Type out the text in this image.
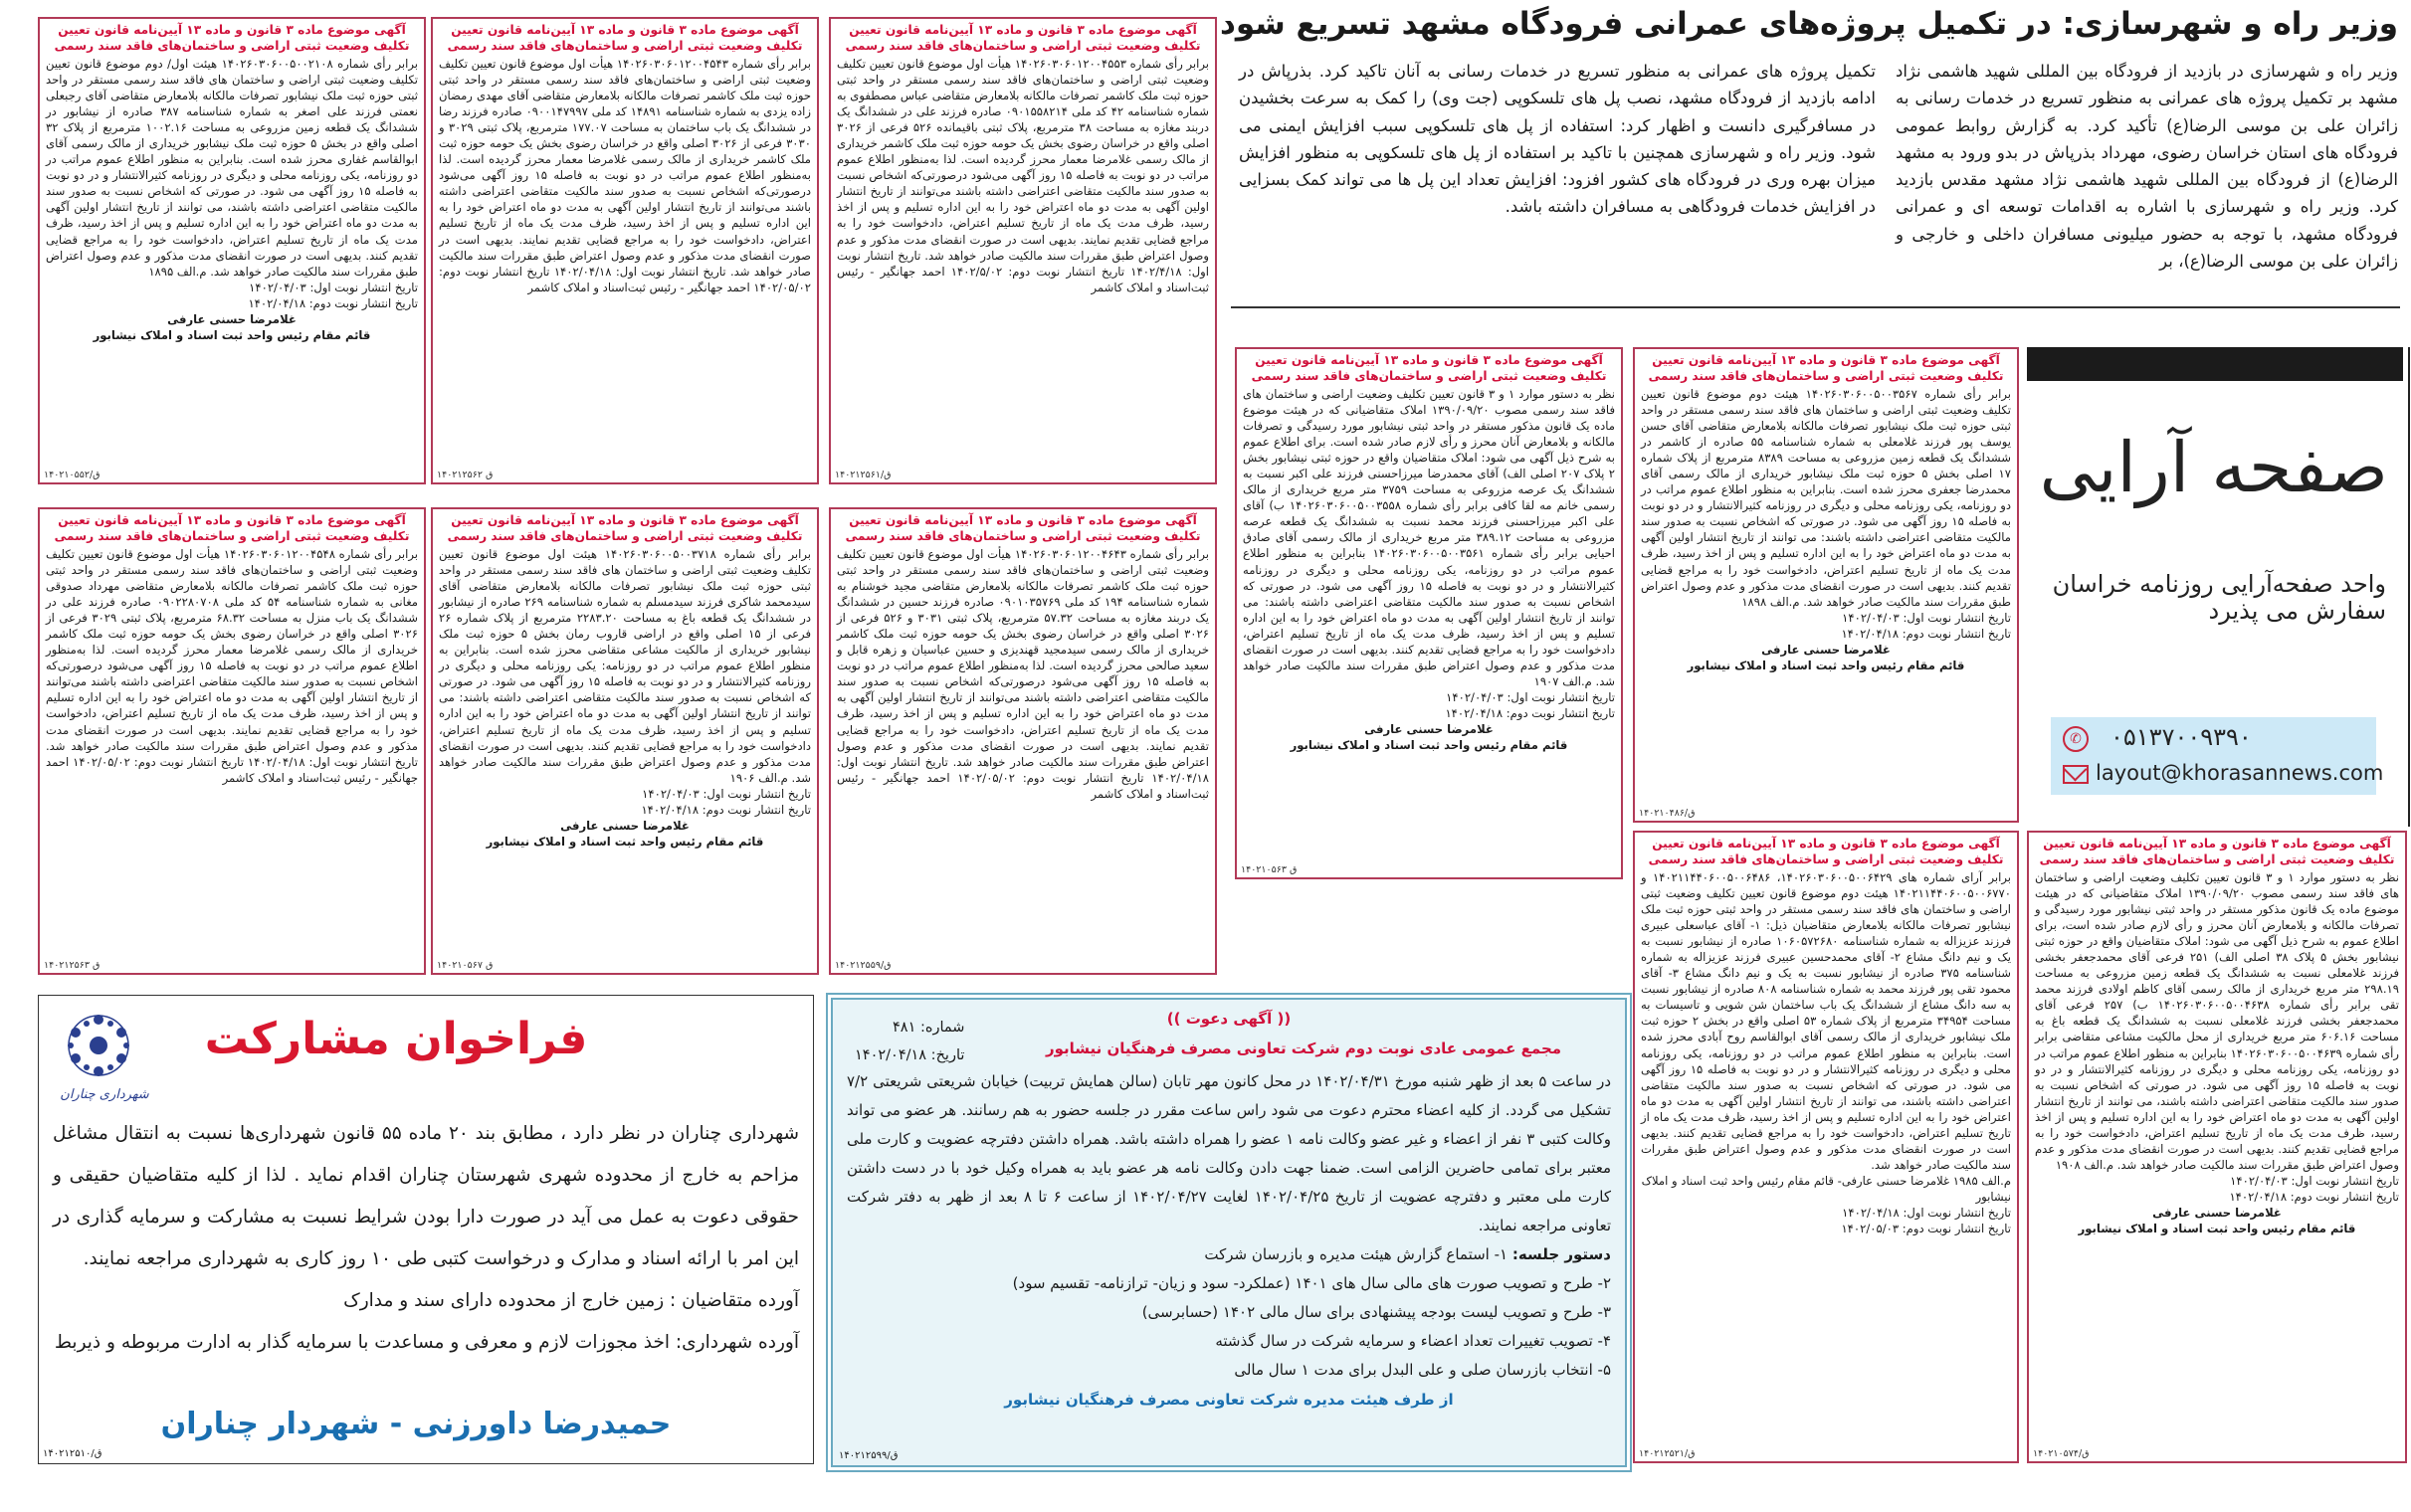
وزیر راه و شهرسازی: در تکمیل پروژه‌های عمرانی فرودگاه مشهد تسریع شود
وزیر راه و شهرسازی در بازدید از فرودگاه بین المللی شهید هاشمی نژاد مشهد بر تکمیل پروژه های عمرانی به منظور تسریع در خدمات رسانی به زائران علی بن موسی الرضا(ع) تأکید کرد. به گزارش روابط عمومی فرودگاه های استان خراسان رضوی، مهرداد بذرپاش در بدو ورود به مشهد الرضا(ع) از فرودگاه بین المللی شهید هاشمی نژاد مشهد مقدس بازدید کرد. وزیر راه و شهرسازی با اشاره به اقدامات توسعه ای و عمرانی فرودگاه مشهد، با توجه به حضور میلیونی مسافران داخلی و خارجی و زائران علی بن موسی الرضا(ع)، بر
تکمیل پروژه های عمرانی به منظور تسریع در خدمات رسانی به آنان تاکید کرد. بذرپاش در ادامه بازدید از فرودگاه مشهد، نصب پل های تلسکوپی (جت وی) را کمک به سرعت بخشیدن در مسافرگیری دانست و اظهار کرد: استفاده از پل های تلسکوپی سبب افزایش ایمنی می شود. وزیر راه و شهرسازی همچنین با تاکید بر استفاده از پل های تلسکوپی به منظور افزایش میزان بهره وری در فرودگاه های کشور افزود: افزایش تعداد این پل ها می تواند کمک بسزایی در افزایش خدمات فرودگاهی به مسافران داشته باشد.
صفحه آرایی
واحد صفحه‌آرایی روزنامه خراسان سفارش می پذیرد
✆ ۰۵۱۳۷۰۰۹۳۹۰
layout@khorasannews.com
آگهی موضوع ماده ۳ قانون و ماده ۱۳ آیین‌نامه قانون تعیین تکلیف وضعیت ثبتی اراضی و ساختمان‌های فاقد سند رسمی
برابر رأی شماره ۱۴۰۲۶۰۳۰۶۰۰۵۰۰۳۵۶۷ هیئت دوم موضوع قانون تعیین تکلیف وضعیت ثبتی اراضی و ساختمان های فاقد سند رسمی مستقر در واحد ثبتی حوزه ثبت ملک نیشابور تصرفات مالکانه بلامعارض متقاضی آقای حسن یوسف پور فرزند غلامعلی به شماره شناسنامه ۵۵ صادره از کاشمر در ششدانگ یک قطعه زمین مزروعی به مساحت ۸۳۸۹ مترمربع از پلاک شماره ۱۷ اصلی بخش ۵ حوزه ثبت ملک نیشابور خریداری از مالک رسمی آقای محمدرضا جعفری محرز شده است. بنابراین به منظور اطلاع عموم مراتب در دو روزنامه، یکی روزنامه محلی و دیگری در روزنامه کثیرالانتشار و در دو نوبت به فاصله ۱۵ روز آگهی می شود. در صورتی که اشخاص نسبت به صدور سند مالکیت متقاضی اعتراضی داشته باشند: می توانند از تاریخ انتشار اولین آگهی به مدت دو ماه اعتراض خود را به این اداره تسلیم و پس از اخذ رسید، ظرف مدت یک ماه از تاریخ تسلیم اعتراض، دادخواست خود را به مراجع قضایی تقدیم کنند. بدیهی است در صورت انقضای مدت مذکور و عدم وصول اعتراض طبق مقررات سند مالکیت صادر خواهد شد. م.الف ۱۸۹۸
تاریخ انتشار نوبت اول: ۱۴۰۲/۰۴/۰۳
تاریخ انتشار نوبت دوم: ۱۴۰۲/۰۴/۱۸
غلامرضا حسنی عارفی
قائم مقام رئیس واحد ثبت اسناد و املاک نیشابور
۱۴۰۲۱۰۴۸۶/ق
آگهی موضوع ماده ۳ قانون و ماده ۱۳ آیین‌نامه قانون تعیین تکلیف وضعیت ثبتی اراضی و ساختمان‌های فاقد سند رسمی
نظر به دستور موارد ۱ و ۳ قانون تعیین تکلیف وضعیت اراضی و ساختمان های فاقد سند رسمی مصوب ۱۳۹۰/۰۹/۲۰ املاک متقاضیانی که در هیئت موضوع ماده یک قانون مذکور مستقر در واحد ثبتی نیشابور مورد رسیدگی و تصرفات مالکانه و بلامعارض آنان محرز و رأی لازم صادر شده است. برای اطلاع عموم به شرح ذیل آگهی می شود: املاک متقاضیان واقع در حوزه ثبتی نیشابور بخش ۲ پلاک ۲۰۷ اصلی الف) آقای محمدرضا میرزاحسنی فرزند علی اکبر نسبت به ششدانگ یک عرصه مزروعی به مساحت ۳۷۵۹ متر مربع خریداری از مالک رسمی خانم مه لقا کافی برابر رأی شماره ۱۴۰۲۶۰۳۰۶۰۰۵۰۰۳۵۵۸ ب) آقای علی اکبر میرزاحسنی فرزند محمد نسبت به ششدانگ یک قطعه عرصه مزروعی به مساحت ۳۸۹.۱۲ متر مربع خریداری از مالک رسمی آقای صادق احیایی برابر رأی شماره ۱۴۰۲۶۰۳۰۶۰۰۵۰۰۳۵۶۱ بنابراین به منظور اطلاع عموم مراتب در دو روزنامه، یکی روزنامه محلی و دیگری در روزنامه کثیرالانتشار و در دو نوبت به فاصله ۱۵ روز آگهی می شود. در صورتی که اشخاص نسبت به صدور سند مالکیت متقاضی اعتراضی داشته باشند: می توانند از تاریخ انتشار اولین آگهی به مدت دو ماه اعتراض خود را به این اداره تسلیم و پس از اخذ رسید، ظرف مدت یک ماه از تاریخ تسلیم اعتراض، دادخواست خود را به مراجع قضایی تقدیم کنند. بدیهی است در صورت انقضای مدت مذکور و عدم وصول اعتراض طبق مقررات سند مالکیت صادر خواهد شد. م.الف ۱۹۰۷
تاریخ انتشار نوبت اول: ۱۴۰۲/۰۴/۰۳
تاریخ انتشار نوبت دوم: ۱۴۰۲/۰۴/۱۸
غلامرضا حسنی عارفی
قائم مقام رئیس واحد ثبت اسناد و املاک نیشابور
۱۴۰۲۱۰۵۶۳ ق
آگهی موضوع ماده ۳ قانون و ماده ۱۳ آیین‌نامه قانون تعیین تکلیف وضعیت ثبتی اراضی و ساختمان‌های فاقد سند رسمی
برابر رأی شماره ۱۴۰۲۶۰۳۰۶۰۱۲۰۰۴۵۵۳ هیأت اول موضوع قانون تعیین تکلیف وضعیت ثبتی اراضی و ساختمان‌های فاقد سند رسمی مستقر در واحد ثبتی حوزه ثبت ملک کاشمر تصرفات مالکانه بلامعارض متقاضی عباس مصطفوی به شماره شناسنامه ۴۲ کد ملی ۰۹۰۱۵۵۸۲۱۴ صادره فرزند علی در ششدانگ یک دربند مغازه به مساحت ۳۸ مترمربع، پلاک ثبتی باقیمانده ۵۲۶ فرعی از ۳۰۲۶ اصلی واقع در خراسان رضوی بخش یک حومه حوزه ثبت ملک کاشمر خریداری از مالک رسمی غلامرضا معمار محرز گردیده است. لذا به‌منظور اطلاع عموم مراتب در دو نوبت به فاصله ۱۵ روز آگهی می‌شود درصورتی‌که اشخاص نسبت به صدور سند مالکیت متقاضی اعتراضی داشته باشند می‌توانند از تاریخ انتشار اولین آگهی به مدت دو ماه اعتراض خود را به این اداره تسلیم و پس از اخذ رسید، ظرف مدت یک ماه از تاریخ تسلیم اعتراض، دادخواست خود را به مراجع قضایی تقدیم نمایند. بدیهی است در صورت انقضای مدت مذکور و عدم وصول اعتراض طبق مقررات سند مالکیت صادر خواهد شد. تاریخ انتشار نوبت اول: ۱۴۰۲/۴/۱۸ تاریخ انتشار نوبت دوم: ۱۴۰۲/۵/۰۲ احمد جهانگیر - رئیس ثبت‌اسناد و املاک کاشمر
ق/۱۴۰۲۱۲۵۶۱
آگهی موضوع ماده ۳ قانون و ماده ۱۳ آیین‌نامه قانون تعیین تکلیف وضعیت ثبتی اراضی و ساختمان‌های فاقد سند رسمی
برابر رأی شماره ۱۴۰۲۶۰۳۰۶۰۱۲۰۰۴۵۴۳ هیأت اول موضوع قانون تعیین تکلیف وضعیت ثبتی اراضی و ساختمان‌های فاقد سند رسمی مستقر در واحد ثبتی حوزه ثبت ملک کاشمر تصرفات مالکانه بلامعارض متقاضی آقای مهدی رمضان زاده یزدی به شماره شناسنامه ۱۴۸۹۱ کد ملی ۰۹۰۰۱۴۷۹۹۷ صادره فرزند رضا در ششدانگ یک باب ساختمان به مساحت ۱۷۷.۰۷ مترمربع، پلاک ثبتی ۳۰۲۹ و ۳۰۳۰ فرعی از ۳۰۲۶ اصلی واقع در خراسان رضوی بخش یک حومه حوزه ثبت ملک کاشمر خریداری از مالک رسمی غلامرضا معمار محرز گردیده است. لذا به‌منظور اطلاع عموم مراتب در دو نوبت به فاصله ۱۵ روز آگهی می‌شود درصورتی‌که اشخاص نسبت به صدور سند مالکیت متقاضی اعتراضی داشته باشند می‌توانند از تاریخ انتشار اولین آگهی به مدت دو ماه اعتراض خود را به این اداره تسلیم و پس از اخذ رسید، ظرف مدت یک ماه از تاریخ تسلیم اعتراض، دادخواست خود را به مراجع قضایی تقدیم نمایند. بدیهی است در صورت انقضای مدت مذکور و عدم وصول اعتراض طبق مقررات سند مالکیت صادر خواهد شد. تاریخ انتشار نوبت اول: ۱۴۰۲/۰۴/۱۸ تاریخ انتشار نوبت دوم: ۱۴۰۲/۰۵/۰۲ احمد جهانگیر - رئیس ثبت‌اسناد و املاک کاشمر
ق ۱۴۰۲۱۲۵۶۲
آگهی موضوع ماده ۳ قانون و ماده ۱۳ آیین‌نامه قانون تعیین تکلیف وضعیت ثبتی اراضی و ساختمان‌های فاقد سند رسمی
برابر رأی شماره ۱۴۰۲۶۰۳۰۶۰۰۵۰۰۲۱۰۸ هیئت اول/ دوم موضوع قانون تعیین تکلیف وضعیت ثبتی اراضی و ساختمان های فاقد سند رسمی مستقر در واحد ثبتی حوزه ثبت ملک نیشابور تصرفات مالکانه بلامعارض متقاضی آقای رجبعلی نعمتی فرزند علی اصغر به شماره شناسنامه ۳۸۷ صادره از نیشابور در ششدانگ یک قطعه زمین مزروعی به مساحت ۱۰۰۲.۱۶ مترمربع از پلاک ۳۲ اصلی واقع در بخش ۵ حوزه ثبت ملک نیشابور خریداری از مالک رسمی آقای ابوالقاسم غفاری محرز شده است. بنابراین به منظور اطلاع عموم مراتب در دو روزنامه، یکی روزنامه محلی و دیگری در روزنامه کثیرالانتشار و در دو نوبت به فاصله ۱۵ روز آگهی می شود. در صورتی که اشخاص نسبت به صدور سند مالکیت متقاضی اعتراضی داشته باشند، می توانند از تاریخ انتشار اولین آگهی به مدت دو ماه اعتراض خود را به این اداره تسلیم و پس از اخذ رسید، ظرف مدت یک ماه از تاریخ تسلیم اعتراض، دادخواست خود را به مراجع قضایی تقدیم کنند. بدیهی است در صورت انقضای مدت مذکور و عدم وصول اعتراض طبق مقررات سند مالکیت صادر خواهد شد. م.الف ۱۸۹۵
تاریخ انتشار نوبت اول: ۱۴۰۲/۰۴/۰۳
تاریخ انتشار نوبت دوم: ۱۴۰۲/۰۴/۱۸
غلامرضا حسنی عارفی
قائم مقام رئیس واحد ثبت اسناد و املاک نیشابور
ق/۱۴۰۲۱۰۵۵۲
آگهی موضوع ماده ۳ قانون و ماده ۱۳ آیین‌نامه قانون تعیین تکلیف وضعیت ثبتی اراضی و ساختمان‌های فاقد سند رسمی
برابر رأی شماره ۱۴۰۲۶۰۳۰۶۰۱۲۰۰۴۵۴۸ هیأت اول موضوع قانون تعیین تکلیف وضعیت ثبتی اراضی و ساختمان‌های فاقد سند رسمی مستقر در واحد ثبتی حوزه ثبت ملک کاشمر تصرفات مالکانه بلامعارض متقاضی مهرداد صدوقی مغانی به شماره شناسنامه ۵۴ کد ملی ۰۹۰۲۲۸۰۷۰۸ صادره فرزند علی در ششدانگ یک باب منزل به مساحت ۶۸.۳۲ مترمربع، پلاک ثبتی ۳۰۲۹ فرعی از ۳۰۲۶ اصلی واقع در خراسان رضوی بخش یک حومه حوزه ثبت ملک کاشمر خریداری از مالک رسمی غلامرضا معمار محرز گردیده است. لذا به‌منظور اطلاع عموم مراتب در دو نوبت به فاصله ۱۵ روز آگهی می‌شود درصورتی‌که اشخاص نسبت به صدور سند مالکیت متقاضی اعتراضی داشته باشند می‌توانند از تاریخ انتشار اولین آگهی به مدت دو ماه اعتراض خود را به این اداره تسلیم و پس از اخذ رسید، ظرف مدت یک ماه از تاریخ تسلیم اعتراض، دادخواست خود را به مراجع قضایی تقدیم نمایند. بدیهی است در صورت انقضای مدت مذکور و عدم وصول اعتراض طبق مقررات سند مالکیت صادر خواهد شد. تاریخ انتشار نوبت اول: ۱۴۰۲/۰۴/۱۸ تاریخ انتشار نوبت دوم: ۱۴۰۲/۰۵/۰۲ احمد جهانگیر - رئیس ثبت‌اسناد و املاک کاشمر
ق ۱۴۰۲۱۲۵۶۳
آگهی موضوع ماده ۳ قانون و ماده ۱۳ آیین‌نامه قانون تعیین تکلیف وضعیت ثبتی اراضی و ساختمان‌های فاقد سند رسمی
برابر رأی شماره ۱۴۰۲۶۰۳۰۶۰۰۵۰۰۳۷۱۸ هیئت اول موضوع قانون تعیین تکلیف وضعیت ثبتی اراضی و ساختمان های فاقد سند رسمی مستقر در واحد ثبتی حوزه ثبت ملک نیشابور تصرفات مالکانه بلامعارض متقاضی آقای سیدمحمد شاکری فرزند سیدمسلم به شماره شناسنامه ۲۶۹ صادره از نیشابور در ششدانگ یک قطعه باغ به مساحت ۲۲۸۳.۲۰ مترمربع از پلاک شماره ۲۶ فرعی از ۱۵ اصلی واقع در اراضی قاروب رمان بخش ۵ حوزه ثبت ملک نیشابور خریداری از مالکیت مشاعی متقاضی محرز شده است. بنابراین به منظور اطلاع عموم مراتب در دو روزنامه: یکی روزنامه محلی و دیگری در روزنامه کثیرالانتشار و در دو نوبت به فاصله ۱۵ روز آگهی می شود. در صورتی که اشخاص نسبت به صدور سند مالکیت متقاضی اعتراضی داشته باشند: می توانند از تاریخ انتشار اولین آگهی به مدت دو ماه اعتراض خود را به این اداره تسلیم و پس از اخذ رسید، ظرف مدت یک ماه از تاریخ تسلیم اعتراض، دادخواست خود را به مراجع قضایی تقدیم کنند. بدیهی است در صورت انقضای مدت مذکور و عدم وصول اعتراض طبق مقررات سند مالکیت صادر خواهد شد. م.الف ۱۹۰۶
تاریخ انتشار نوبت اول: ۱۴۰۲/۰۴/۰۳
تاریخ انتشار نوبت دوم: ۱۴۰۲/۰۴/۱۸
غلامرضا حسنی عارفی
قائم مقام رئیس واحد ثبت اسناد و املاک نیشابور
ق ۱۴۰۲۱۰۵۶۷
آگهی موضوع ماده ۳ قانون و ماده ۱۳ آیین‌نامه قانون تعیین تکلیف وضعیت ثبتی اراضی و ساختمان‌های فاقد سند رسمی
برابر رأی شماره ۱۴۰۲۶۰۳۰۶۰۱۲۰۰۴۶۴۳ هیأت اول موضوع قانون تعیین تکلیف وضعیت ثبتی اراضی و ساختمان‌های فاقد سند رسمی مستقر در واحد ثبتی حوزه ثبت ملک کاشمر تصرفات مالکانه بلامعارض متقاضی مجید خوشنام به شماره شناسنامه ۱۹۴ کد ملی ۰۹۰۱۰۳۵۷۶۹ صادره فرزند حسین در ششدانگ یک دربند مغازه به مساحت ۵۷.۳۲ مترمربع، پلاک ثبتی ۳۰۳۱ و ۵۲۶ فرعی از ۳۰۲۶ اصلی واقع در خراسان رضوی بخش یک حومه حوزه ثبت ملک کاشمر خریداری از مالک رسمی سیدمجید قهندیزی و حسین عباسیان و زهره قابل و سعید صالحی محرز گردیده است. لذا به‌منظور اطلاع عموم مراتب در دو نوبت به فاصله ۱۵ روز آگهی می‌شود درصورتی‌که اشخاص نسبت به صدور سند مالکیت متقاضی اعتراضی داشته باشند می‌توانند از تاریخ انتشار اولین آگهی به مدت دو ماه اعتراض خود را به این اداره تسلیم و پس از اخذ رسید، ظرف مدت یک ماه از تاریخ تسلیم اعتراض، دادخواست خود را به مراجع قضایی تقدیم نمایند. بدیهی است در صورت انقضای مدت مذکور و عدم وصول اعتراض طبق مقررات سند مالکیت صادر خواهد شد. تاریخ انتشار نوبت اول: ۱۴۰۲/۰۴/۱۸ تاریخ انتشار نوبت دوم: ۱۴۰۲/۰۵/۰۲ احمد جهانگیر - رئیس ثبت‌اسناد و املاک کاشمر
ق/۱۴۰۲۱۲۵۵۹
آگهی موضوع ماده ۳ قانون و ماده ۱۳ آیین‌نامه قانون تعیین تکلیف وضعیت ثبتی اراضی و ساختمان‌های فاقد سند رسمی
برابر آرای شماره های ۱۴۰۲۶۰۳۰۶۰۰۵۰۰۶۴۲۹، ۱۴۰۲۱۱۴۴۰۶۰۰۵۰۰۶۴۸۶ و ۱۴۰۲۱۱۴۴۰۶۰۰۵۰۰۶۷۷۰ هیئت دوم موضوع قانون تعیین تکلیف وضعیت ثبتی اراضی و ساختمان های فاقد سند رسمی مستقر در واحد ثبتی حوزه ثبت ملک نیشابور تصرفات مالکانه بلامعارض متقاضیان ذیل: ۱- آقای عباسعلی عبیری فرزند عزیزاله به شماره شناسنامه ۱۰۶۰۵۷۲۶۸۰ صادره از نیشابور نسبت به یک و نیم دانگ مشاع ۲- آقای محمدحسین عبیری فرزند عزیزاله به شماره شناسنامه ۳۷۵ صادره از نیشابور نسبت به یک و نیم دانگ مشاع ۳- آقای محمود تقی پور فرزند محمد به شماره شناسنامه ۸۰۸ صادره از نیشابور نسبت به سه دانگ مشاع از ششدانگ یک باب ساختمان شن شویی و تاسیسات به مساحت ۳۴۹۵۴ مترمربع از پلاک شماره ۵۳ اصلی واقع در بخش ۲ حوزه ثبت ملک نیشابور خریداری از مالک رسمی آقای ابوالقاسم روح آبادی محرز شده است. بنابراین به منظور اطلاع عموم مراتب در دو روزنامه، یکی روزنامه محلی و دیگری در روزنامه کثیرالانتشار و در دو نوبت به فاصله ۱۵ روز آگهی می شود. در صورتی که اشخاص نسبت به صدور سند مالکیت متقاضی اعتراضی داشته باشند، می توانند از تاریخ انتشار اولین آگهی به مدت دو ماه اعتراض خود را به این اداره تسلیم و پس از اخذ رسید، ظرف مدت یک ماه از تاریخ تسلیم اعتراض، دادخواست خود را به مراجع قضایی تقدیم کنند. بدیهی است در صورت انقضای مدت مذکور و عدم وصول اعتراض طبق مقررات سند مالکیت صادر خواهد شد.
م.الف ۱۹۸۵ غلامرضا حسنی عارفی- قائم مقام رئیس واحد ثبت اسناد و املاک نیشابور
تاریخ انتشار نوبت اول: ۱۴۰۲/۰۴/۱۸
تاریخ انتشار نوبت دوم: ۱۴۰۲/۰۵/۰۳
ق/۱۴۰۲۱۲۵۲۱
آگهی موضوع ماده ۳ قانون و ماده ۱۳ آیین‌نامه قانون تعیین تکلیف وضعیت ثبتی اراضی و ساختمان‌های فاقد سند رسمی
نظر به دستور موارد ۱ و ۳ قانون تعیین تکلیف وضعیت اراضی و ساختمان های فاقد سند رسمی مصوب ۱۳۹۰/۰۹/۲۰ املاک متقاضیانی که در هیئت موضوع ماده یک قانون مذکور مستقر در واحد ثبتی نیشابور مورد رسیدگی و تصرفات مالکانه و بلامعارض آنان محرز و رأی لازم صادر شده است، برای اطلاع عموم به شرح ذیل آگهی می شود: املاک متقاضیان واقع در حوزه ثبتی نیشابور بخش ۵ پلاک ۳۸ اصلی الف) ۲۵۱ فرعی آقای محمدجعفر بخشی فرزند غلامعلی نسبت به ششدانگ یک قطعه زمین مزروعی به مساحت ۲۹۸.۱۹ متر مربع خریداری از مالک رسمی آقای کاظم اولادی فرزند محمد تقی برابر رأی شماره ۱۴۰۲۶۰۳۰۶۰۰۵۰۰۴۶۳۸ ب) ۲۵۷ فرعی آقای محمدجعفر بخشی فرزند غلامعلی نسبت به ششدانگ یک قطعه باغ به مساحت ۶۰۶.۱۶ متر مربع خریداری از محل مالکیت مشاعی متقاضی برابر رأی شماره ۱۴۰۲۶۰۳۰۶۰۰۵۰۰۴۶۳۹ بنابراین به منظور اطلاع عموم مراتب در دو روزنامه، یکی روزنامه محلی و دیگری در روزنامه کثیرالانتشار و در دو نوبت به فاصله ۱۵ روز آگهی می شود. در صورتی که اشخاص نسبت به صدور سند مالکیت متقاضی اعتراضی داشته باشند، می توانند از تاریخ انتشار اولین آگهی به مدت دو ماه اعتراض خود را به این اداره تسلیم و پس از اخذ رسید، ظرف مدت یک ماه از تاریخ تسلیم اعتراض، دادخواست خود را به مراجع قضایی تقدیم کنند. بدیهی است در صورت انقضای مدت مذکور و عدم وصول اعتراض طبق مقررات سند مالکیت صادر خواهد شد. م.الف ۱۹۰۸
تاریخ انتشار نوبت اول: ۱۴۰۲/۰۴/۰۳
تاریخ انتشار نوبت دوم: ۱۴۰۲/۰۴/۱۸
غلامرضا حسنی عارفی
قائم مقام رئیس واحد ثبت اسناد و املاک نیشابور
ق/۱۴۰۲۱۰۵۷۴
شماره: ۴۸۱
تاریخ: ۱۴۰۲/۰۴/۱۸
(( آگهی دعوت ))
مجمع عمومی عادی نوبت دوم شرکت تعاونی مصرف فرهنگیان نیشابور
در ساعت ۵ بعد از ظهر شنبه مورخ ۱۴۰۲/۰۴/۳۱ در محل کانون مهر تابان (سالن همایش تربیت) خیابان شریعتی شریعتی ۷/۲ تشکیل می گردد. از کلیه اعضاء محترم دعوت می شود راس ساعت مقرر در جلسه حضور به هم رسانند. هر عضو می تواند وکالت کتبی ۳ نفر از اعضاء و غیر عضو وکالت نامه ۱ عضو را همراه داشته باشد. همراه داشتن دفترچه عضویت و کارت ملی معتبر برای تمامی حاضرین الزامی است. ضمنا جهت دادن وکالت نامه هر عضو باید به همراه وکیل خود با در دست داشتن کارت ملی معتبر و دفترچه عضویت از تاریخ ۱۴۰۲/۰۴/۲۵ لغایت ۱۴۰۲/۰۴/۲۷ از ساعت ۶ تا ۸ بعد از ظهر به دفتر شرکت تعاونی مراجعه نمایند.
دستور جلسه: ۱- استماع گزارش هیئت مدیره و بازرسان شرکت
۲- طرح و تصویب صورت های مالی سال های ۱۴۰۱ (عملکرد- سود و زیان- ترازنامه- تقسیم سود)
۳- طرح و تصویب لیست بودجه پیشنهادی برای سال مالی ۱۴۰۲ (حسابرسی)
۴- تصویب تغییرات تعداد اعضاء و سرمایه شرکت در سال گذشته
۵- انتخاب بازرسان صلی و علی البدل برای مدت ۱ سال مالی
از طرف هیئت مدیره شرکت تعاونی مصرف فرهنگیان نیشابور
ق/۱۴۰۲۱۲۵۹۹
شهرداری چناران
فراخوان مشارکت
شهرداری چناران در نظر دارد ، مطابق بند ۲۰ ماده ۵۵ قانون شهرداری‌ها نسبت به انتقال مشاغل مزاحم به خارج از محدوده شهری شهرستان چناران اقدام نماید . لذا از کلیه متقاضیان حقیقی و حقوقی دعوت به عمل می آید در صورت دارا بودن شرایط نسبت به مشارکت و سرمایه گذاری در این امر با ارائه اسناد و مدارک و درخواست کتبی طی ۱۰ روز کاری به شهرداری مراجعه نمایند.
آورده متقاضیان : زمین خارج از محدوده دارای سند و مدارک
آورده شهرداری: اخذ مجوزات لازم و معرفی و مساعدت با سرمایه گذار به ادارت مربوطه و ذیربط
حمیدرضا داورزنی - شهردار چناران
ق/۱۴۰۲۱۲۵۱۰
